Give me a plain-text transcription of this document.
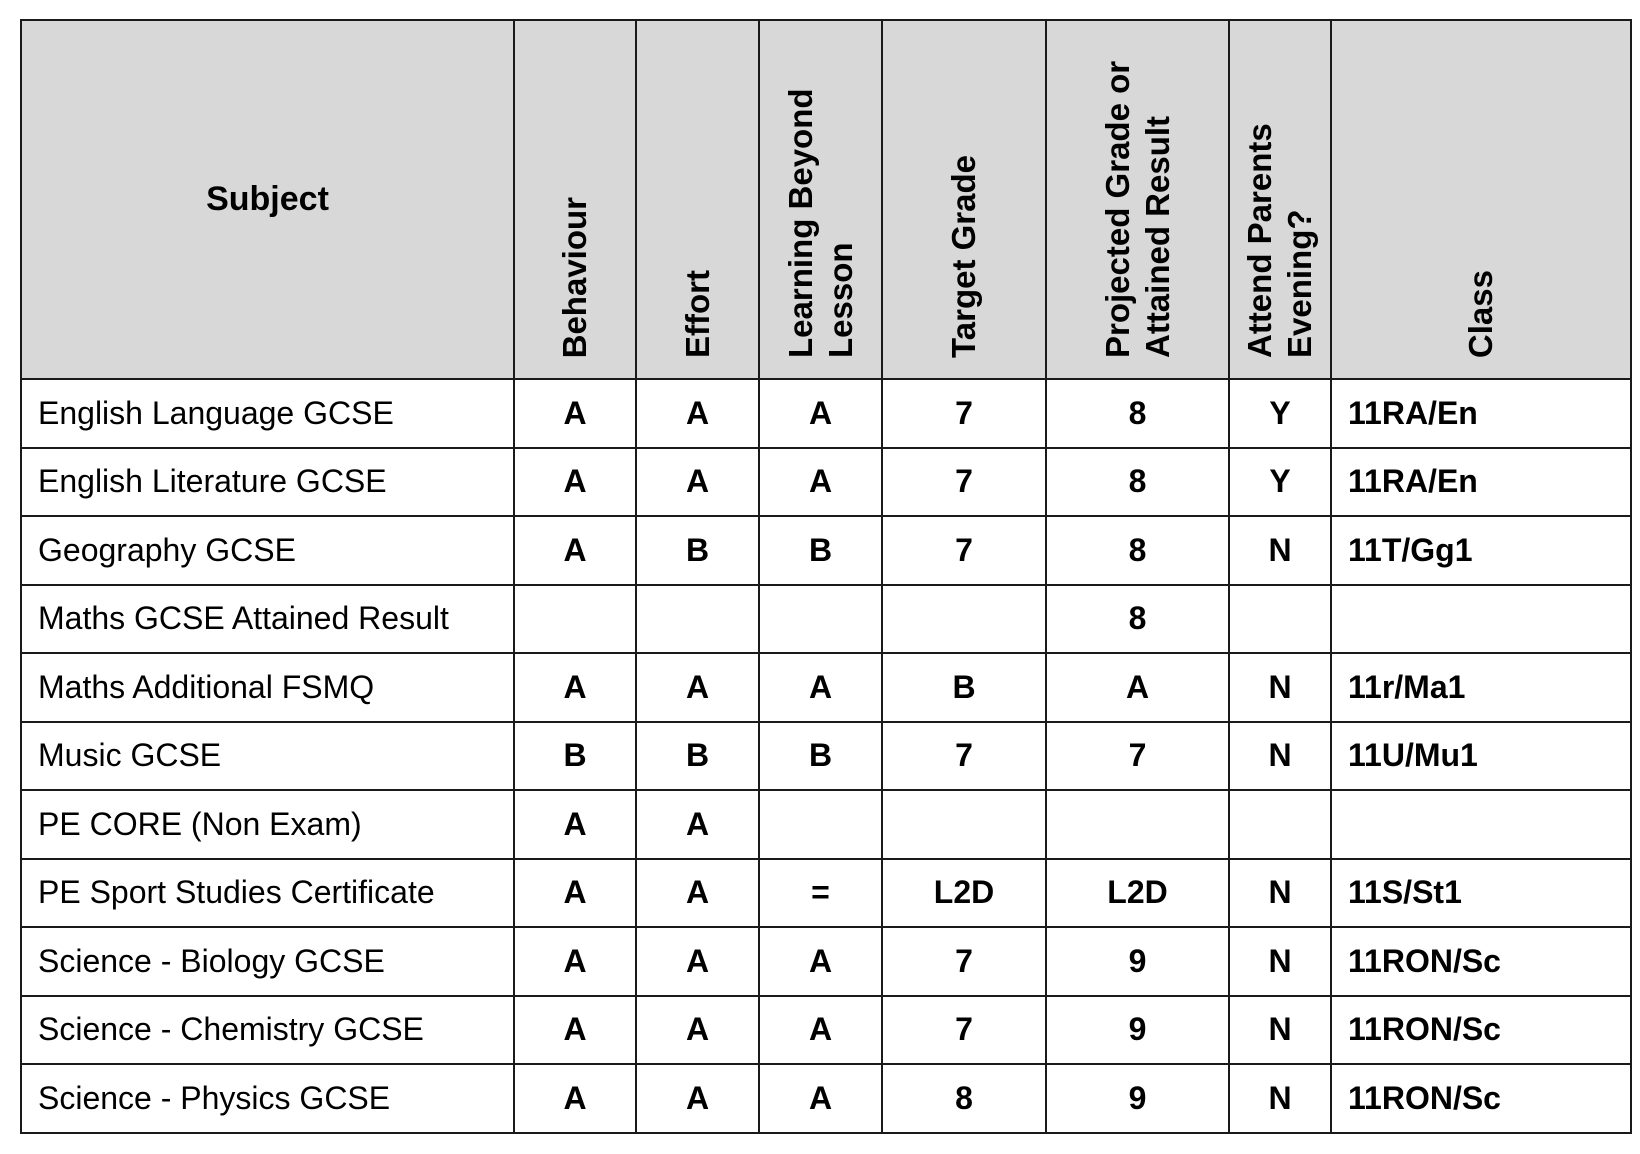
Subject	Behaviour	Effort	Learning Beyond Lesson	Target Grade	Projected Grade or Attained Result	Attend Parents Evening?	Class

English Language GCSE	A	A	A	7	8	Y	11RA/En
English Literature GCSE	A	A	A	7	8	Y	11RA/En
Geography GCSE	A	B	B	7	8	N	11T/Gg1
Maths GCSE Attained Result					8		
Maths Additional FSMQ	A	A	A	B	A	N	11r/Ma1
Music GCSE	B	B	B	7	7	N	11U/Mu1
PE CORE (Non Exam)	A	A					
PE Sport Studies Certificate	A	A	=	L2D	L2D	N	11S/St1
Science - Biology GCSE	A	A	A	7	9	N	11RON/Sc
Science - Chemistry GCSE	A	A	A	7	9	N	11RON/Sc
Science - Physics GCSE	A	A	A	8	9	N	11RON/Sc
